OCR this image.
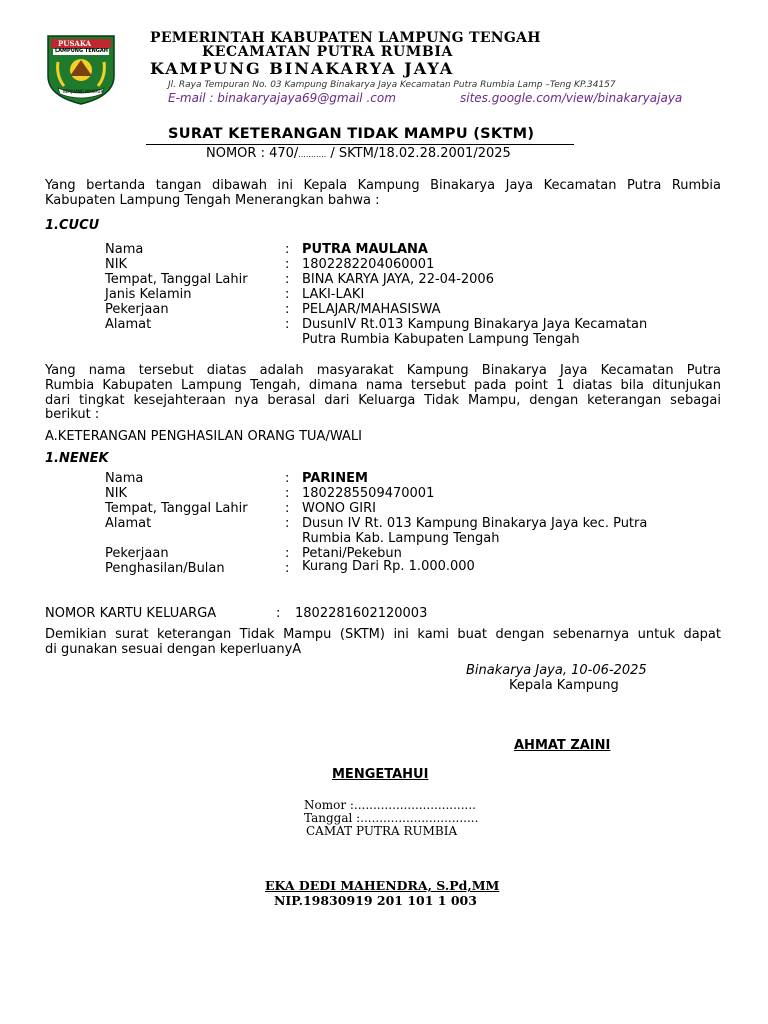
PUSAKA
LAMPUNG TENGAH
BERJUANG MAKMUR
PEMERINTAH KABUPATEN LAMPUNG TENGAH
KECAMATAN PUTRA RUMBIA
KAMPUNG BINAKARYA JAYA
Jl. Raya Tempuran No. 03 Kampung Binakarya Jaya Kecamatan Putra Rumbia Lamp –Teng KP.34157
E-mail : binakaryajaya69@gmail .com	sites.google.com/view/binakaryajaya
SURAT KETERANGAN TIDAK MAMPU (SKTM)
NOMOR : 470/........... / SKTM/18.02.28.2001/2025
Yang bertanda tangan dibawah ini Kepala Kampung Binakarya Jaya Kecamatan Putra Rumbia
Kabupaten Lampung Tengah Menerangkan bahwa :
1.CUCU
Nama	: PUTRA MAULANA
NIK	: 1802282204060001
Tempat, Tanggal Lahir	: BINA KARYA JAYA, 22-04-2006
Janis Kelamin	: LAKI-LAKI
Pekerjaan	: PELAJAR/MAHASISWA
Alamat	: DusunIV Rt.013 Kampung Binakarya Jaya Kecamatan
Putra Rumbia Kabupaten Lampung Tengah
Yang nama tersebut diatas adalah masyarakat Kampung Binakarya Jaya Kecamatan Putra
Rumbia Kabupaten Lampung Tengah, dimana nama tersebut pada point 1 diatas bila ditunjukan
dari tingkat kesejahteraan nya berasal dari Keluarga Tidak Mampu, dengan keterangan sebagai
berikut :
A.KETERANGAN PENGHASILAN ORANG TUA/WALI
1.NENEK
Nama	: PARINEM
NIK	: 1802285509470001
Tempat, Tanggal Lahir	: WONO GIRI
Alamat	: Dusun IV Rt. 013 Kampung Binakarya Jaya kec. Putra
Rumbia Kab. Lampung Tengah
Pekerjaan	: Petani/Pekebun
Penghasilan/Bulan	: Kurang Dari Rp. 1.000.000
NOMOR KARTU KELUARGA	: 1802281602120003
Demikian surat keterangan Tidak Mampu (SKTM) ini kami buat dengan sebenarnya untuk dapat
di gunakan sesuai dengan keperluanyA
Binakarya Jaya, 10-06-2025
Kepala Kampung
AHMAT ZAINI
MENGETAHUI
Nomor :................................
Tanggal :...............................
CAMAT PUTRA RUMBIA
EKA DEDI MAHENDRA, S.Pd,MM
NIP.19830919 201 101 1 003
